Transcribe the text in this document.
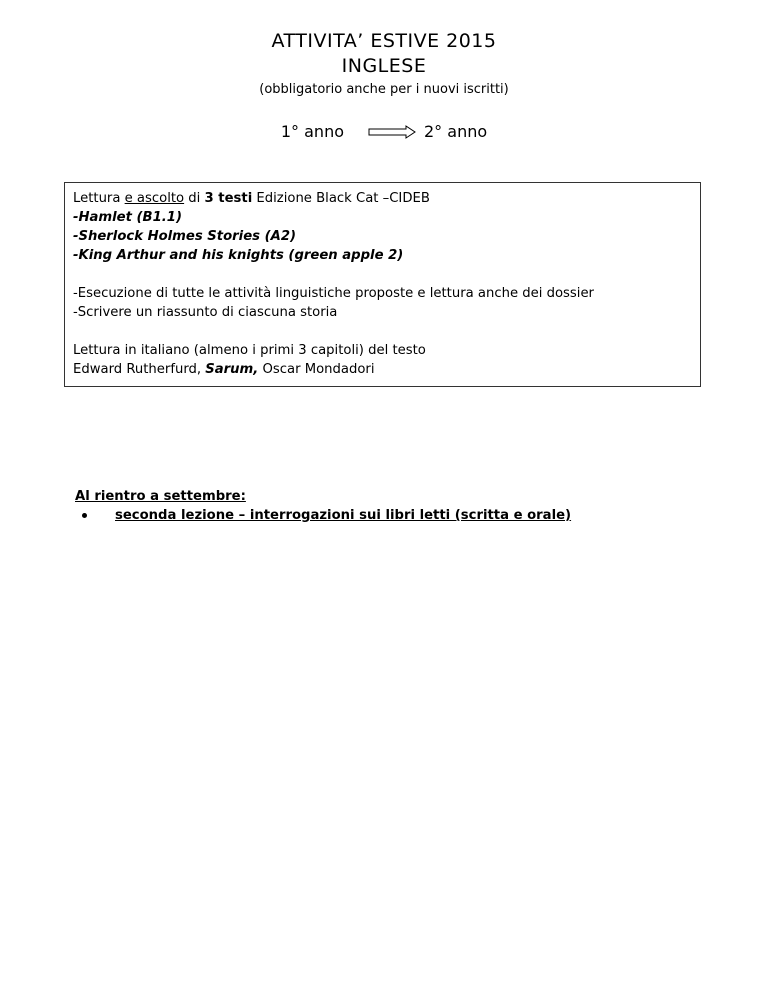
ATTIVITA’ ESTIVE 2015
INGLESE
(obbligatorio anche per i nuovi iscritti)
1° anno	2° anno

Lettura e ascolto di 3 testi Edizione Black Cat –CIDEB

-Hamlet (B1.1)

-Sherlock Holmes Stories (A2)

-King Arthur and his knights (green apple 2)

-Esecuzione di tutte le attività linguistiche proposte e lettura anche dei dossier

-Scrivere un riassunto di ciascuna storia

Lettura in italiano (almeno i primi 3 capitoli) del testo

Edward Rutherfurd, Sarum, Oscar Mondadori

Al rientro a settembre:
seconda lezione – interrogazioni sui libri letti (scritta e orale)
